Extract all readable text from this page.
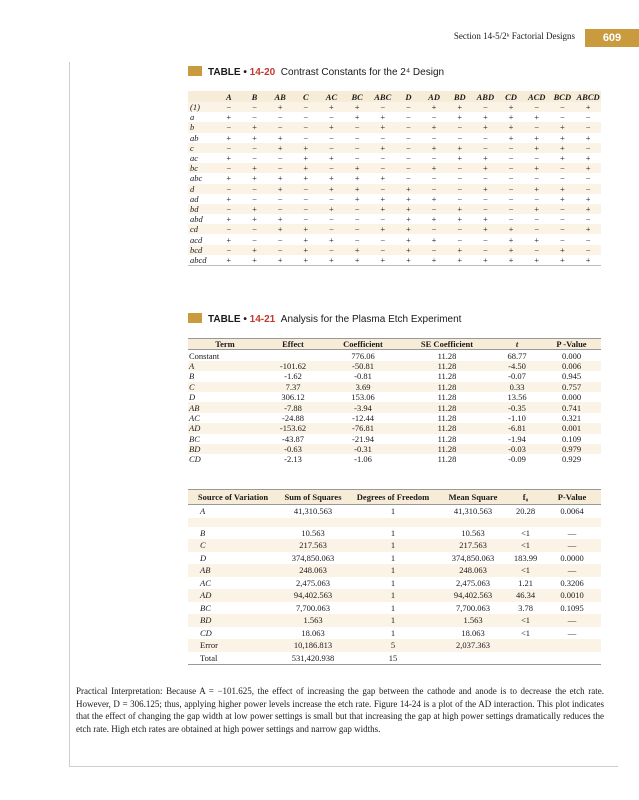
Section 14-5/2ᵏ Factorial Designs	609
TABLE • 14-20 Contrast Constants for the 2⁴ Design
	A	B	AB	C	AC	BC	ABC	D	AD	BD	ABD	CD	ACD	BCD	ABCD
(1)	−	−	+	−	+	+	−	−	+	+	−	+	−	−	+
a	+	−	−	−	−	+	+	−	−	+	+	+	+	−	−
b	−	+	−	−	+	−	+	−	+	−	+	+	−	+	−
ab	+	+	+	−	−	−	−	−	−	−	−	+	+	+	+
c	−	−	+	+	−	−	+	−	+	+	−	−	+	+	−
ac	+	−	−	+	+	−	−	−	−	+	+	−	−	+	+
bc	−	+	−	+	−	+	−	−	+	−	+	−	+	−	+
abc	+	+	+	+	+	+	+	−	−	−	−	−	−	−	−
d	−	−	+	−	+	+	−	+	−	−	+	−	+	+	−
ad	+	−	−	−	−	+	+	+	+	−	−	−	−	+	+
bd	−	+	−	−	+	−	+	+	−	+	−	−	+	−	+
abd	+	+	+	−	−	−	−	+	+	+	+	−	−	−	−
cd	−	−	+	+	−	−	+	+	−	−	+	+	−	−	+
acd	+	−	−	+	+	−	−	+	+	−	−	+	+	−	−
bcd	−	+	−	+	−	+	−	+	−	+	−	+	−	+	−
abcd	+	+	+	+	+	+	+	+	+	+	+	+	+	+	+
TABLE • 14-21 Analysis for the Plasma Etch Experiment
Term	Effect	Coefficient	SE Coefficient	t	P -Value
Constant		776.06	11.28	68.77	0.000
A	-101.62	-50.81	11.28	-4.50	0.006
B	-1.62	-0.81	11.28	-0.07	0.945
C	7.37	3.69	11.28	0.33	0.757
D	306.12	153.06	11.28	13.56	0.000
AB	-7.88	-3.94	11.28	-0.35	0.741
AC	-24.88	-12.44	11.28	-1.10	0.321
AD	-153.62	-76.81	11.28	-6.81	0.001
BC	-43.87	-21.94	11.28	-1.94	0.109
BD	-0.63	-0.31	11.28	-0.03	0.979
CD	-2.13	-1.06	11.28	-0.09	0.929
Source of Variation	Sum of Squares	Degrees of Freedom	Mean Square	f₀	P-Value
A	41,310.563	1	41,310.563	20.28	0.0064

B	10.563	1	10.563	<1	—
C	217.563	1	217.563	<1	—
D	374,850.063	1	374,850.063	183.99	0.0000
AB	248.063	1	248.063	<1	—
AC	2,475.063	1	2,475.063	1.21	0.3206
AD	94,402.563	1	94,402.563	46.34	0.0010
BC	7,700.063	1	7,700.063	3.78	0.1095
BD	1.563	1	1.563	<1	—
CD	18.063	1	18.063	<1	—
Error	10,186.813	5	2,037.363		
Total	531,420.938	15			
Practical Interpretation: Because A = −101.625, the effect of increasing the gap between the cathode and anode is to decrease the etch rate. However, D = 306.125; thus, applying higher power levels increase the etch rate. Figure 14-24 is a plot of the AD interaction. This plot indicates that the effect of changing the gap width at low power settings is small but that increasing the gap at high power settings dramatically reduces the etch rate. High etch rates are obtained at high power settings and narrow gap widths.
